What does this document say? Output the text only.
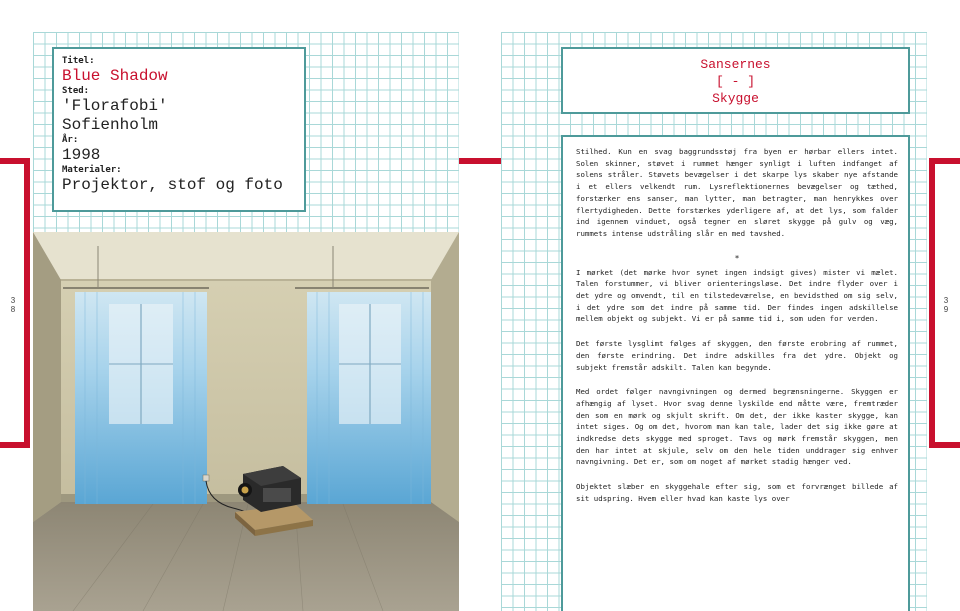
3
8
3
9
Titel:
Blue Shadow
Sted:
'Florafobi'
Sofienholm
År:
1998
Materialer:
Projektor, stof og foto
Sansernes
[ - ]
Skygge

Stilhed. Kun en svag baggrundsstøj fra byen er hørbar ellers intet. Solen skinner, støvet i rummet hænger synligt i luften indfanget af solens stråler. Støvets bevægelser i det skarpe lys skaber nye afstande i et ellers velkendt rum. Lysreflektionernes bevægelser og tæthed, forstærker ens sanser, man lytter, man betragter, man henrykkes over flertydigheden. Dette forstærkes yderligere af, at det lys, som falder ind igennem vinduet, også tegner en sløret skygge på gulv og væg, rummets intense udstråling slår en med tavshed.

*

I mørket (det mørke hvor synet ingen indsigt gives) mister vi mælet. Talen forstummer, vi bliver orienteringsløse. Det indre flyder over i det ydre og omvendt, til en tilstedeværelse, en bevidsthed om sig selv, i det ydre som det indre på samme tid. Der findes ingen adskillelse mellem objekt og subjekt. Vi er på samme tid i, som uden for verden.

Det første lysglimt følges af skyggen, den første erobring af rummet, den første erindring. Det indre adskilles fra det ydre. Objekt og subjekt fremstår adskilt. Talen kan begynde.

Med ordet følger navngivningen og dermed begrænsningerne. Skyggen er afhængig af lyset. Hvor svag denne lyskilde end måtte være, fremtræder den som en mørk og skjult skrift. Om det, der ikke kaster skygge, kan intet siges. Og om det, hvorom man kan tale, lader det sig ikke gøre at indkredse dets skygge med sproget. Tavs og mørk fremstår skyggen, men den har intet at skjule, selv om den hele tiden unddrager sig enhver navngivning. Det er, som om noget af mørket stadig hænger ved.

Objektet slæber en skyggehale efter sig, som et forvrænget billede af sit udspring. Hvem eller hvad kan kaste lys over
